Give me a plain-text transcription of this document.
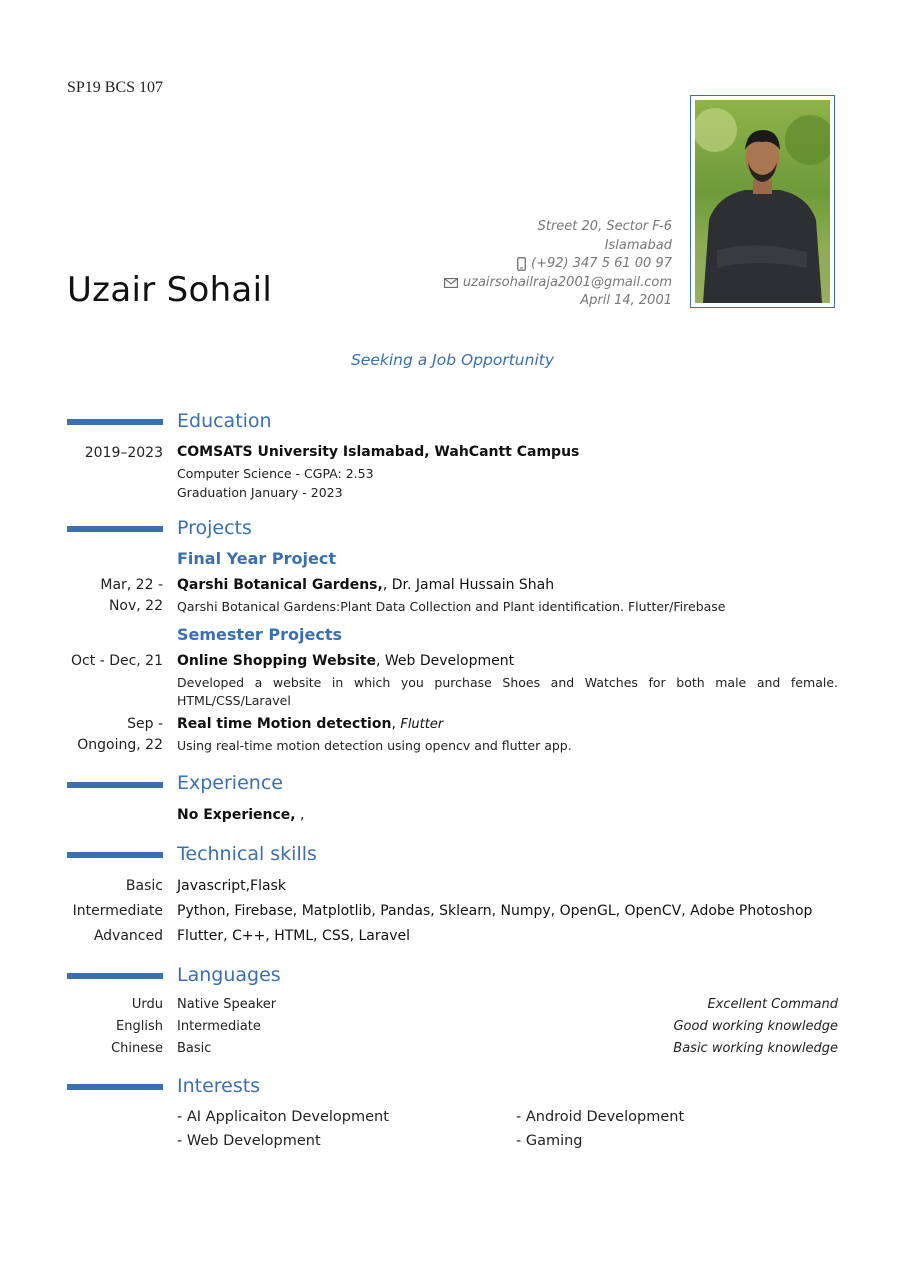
SP19 BCS 107
Street 20, Sector F-6
Islamabad
(+92) 347 5 61 00 97
uzairsohailraja2001@gmail.com
April 14, 2001
Uzair Sohail
Seeking a Job Opportunity
Education
2019–2023 COMSATS University Islamabad, WahCantt Campus
Computer Science - CGPA: 2.53
Graduation January - 2023
Projects
Final Year Project
Mar, 22 -
Nov, 22
Qarshi Botanical Gardens,, Dr. Jamal Hussain Shah
Qarshi Botanical Gardens:Plant Data Collection and Plant identification. Flutter/Firebase
Semester Projects
Oct - Dec, 21 Online Shopping Website, Web Development
Developed a website in which you purchase Shoes and Watches for both male and female.
HTML/CSS/Laravel
Sep -
Ongoing, 22
Real time Motion detection, Flutter
Using real-time motion detection using opencv and flutter app.
Experience
No Experience, ,
Technical skills
Basic Javascript,Flask
Intermediate Python, Firebase, Matplotlib, Pandas, Sklearn, Numpy, OpenGL, OpenCV, Adobe Photoshop
Advanced Flutter, C++, HTML, CSS, Laravel
Languages
Urdu Native Speaker	Excellent Command
English Intermediate	Good working knowledge
Chinese Basic	Basic working knowledge
Interests
- AI Applicaiton Development	- Android Development
- Web Development	- Gaming
